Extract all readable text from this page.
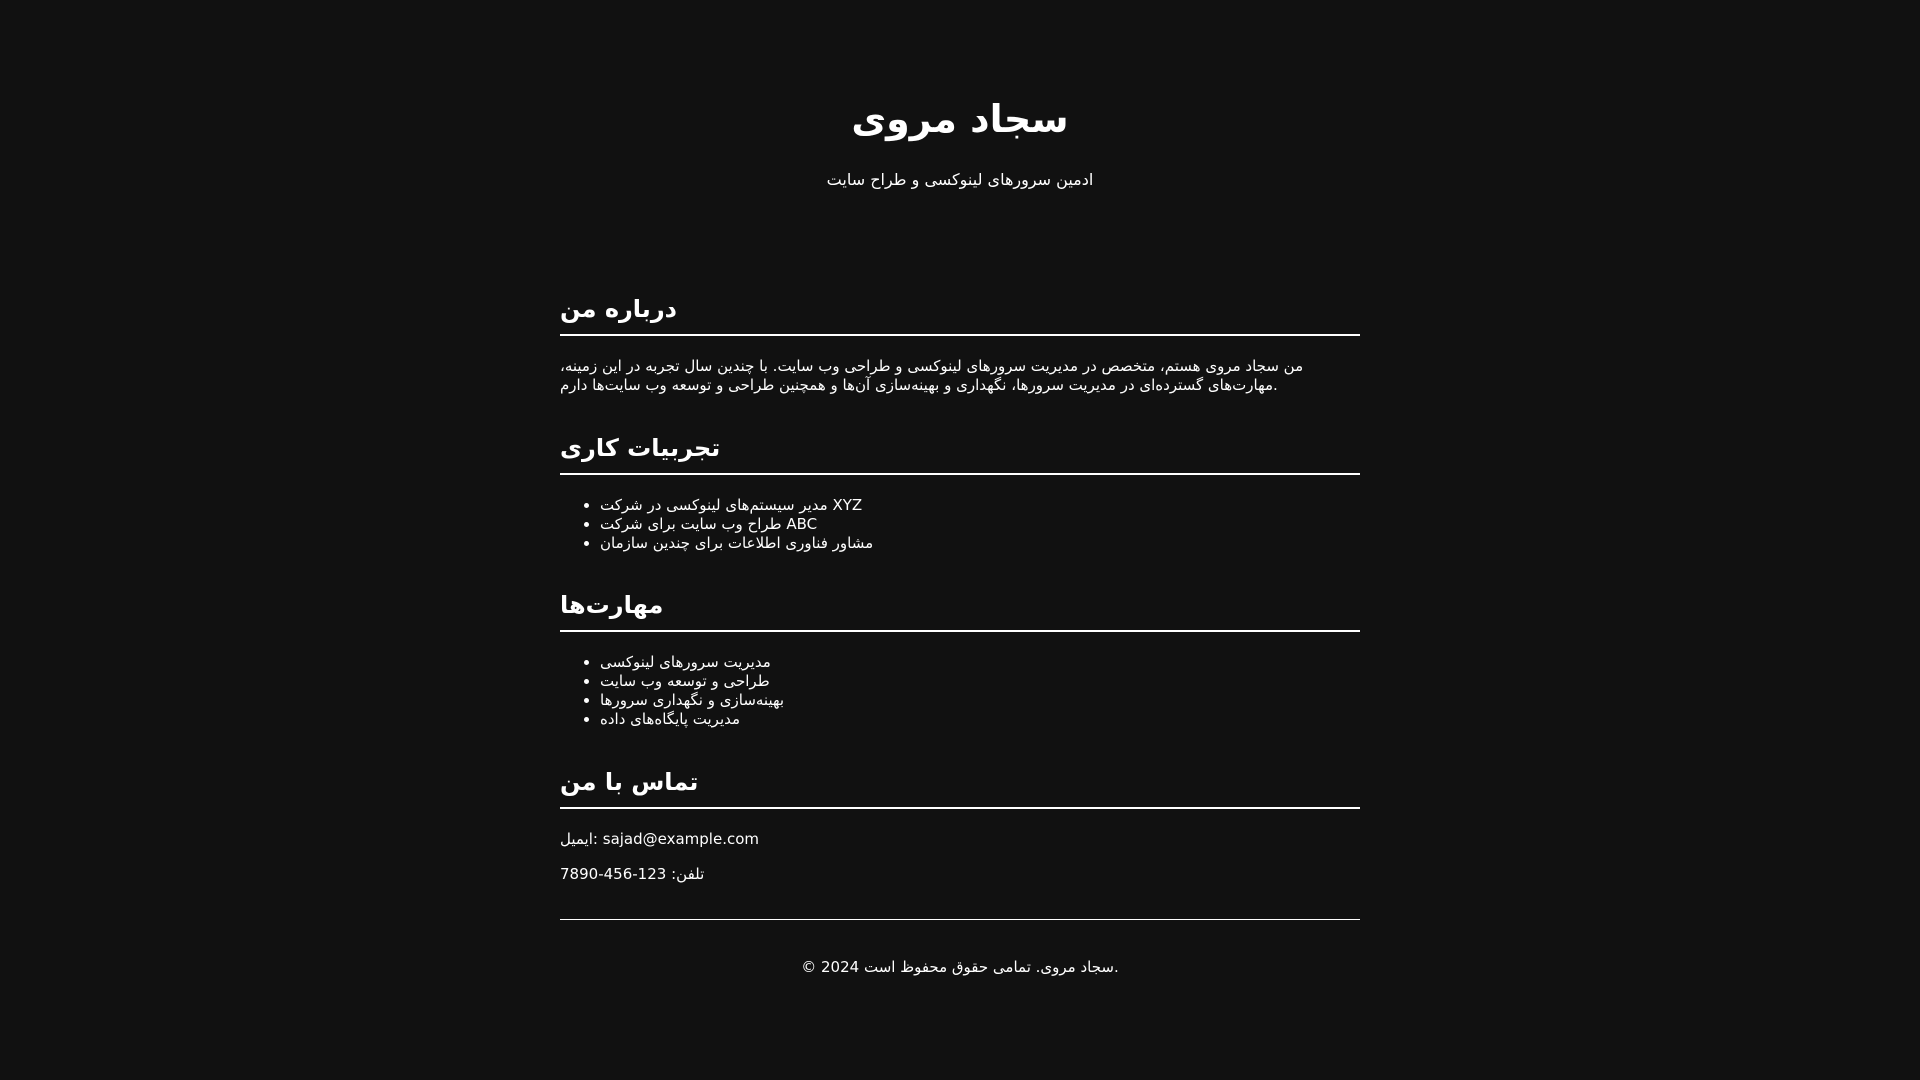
سجاد مروی

ادمین سرورهای لینوکسی و طراح سایت

درباره من

من سجاد مروی هستم، متخصص در مدیریت سرورهای لینوکسی و طراحی وب سایت. با چندین سال تجربه در این زمینه، مهارت‌های گسترده‌ای در مدیریت سرورها، نگهداری و بهینه‌سازی آن‌ها و همچنین طراحی و توسعه وب سایت‌ها دارم.

تجربیات کاری
• مدیر سیستم‌های لینوکسی در شرکت XYZ
• طراح وب سایت برای شرکت ABC
• مشاور فناوری اطلاعات برای چندین سازمان
مهارت‌ها
• مدیریت سرورهای لینوکسی
• طراحی و توسعه وب سایت
• بهینه‌سازی و نگهداری سرورها
• مدیریت پایگاه‌های داده
تماس با من

ایمیل: sajad@example.com

تلفن: 123-456-7890

© 2024 سجاد مروی. تمامی حقوق محفوظ است.
